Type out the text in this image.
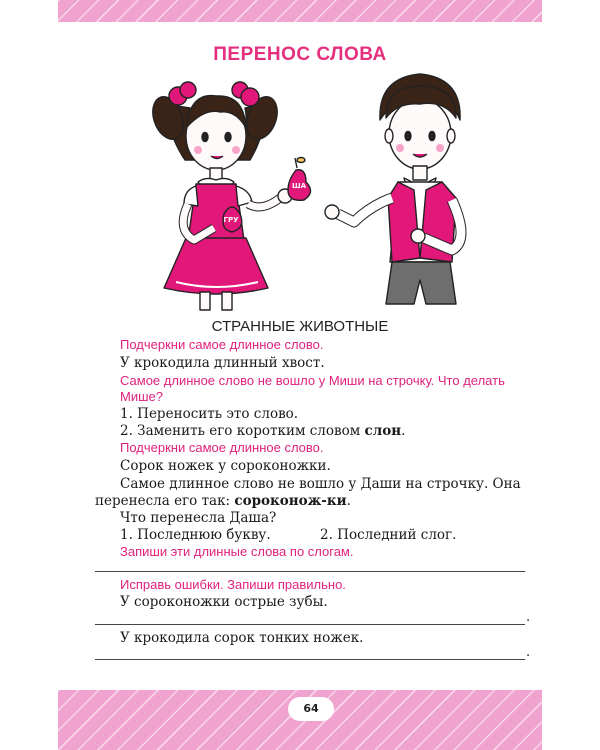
ПЕРЕНОС СЛОВА
ГРУ
ША
СТРАННЫЕ ЖИВОТНЫЕ
Подчеркни самое длинное слово.
У крокодила длинный хвост.
Самое длинное слово не вошло у Миши на строчку. Что делать
Мише?
1. Переносить это слово.
2. Заменить его коротким словом слон.
Подчеркни самое длинное слово.
Сорок ножек у сороконожки.
Самое длинное слово не вошло у Даши на строчку. Она
перенесла его так: сороконож-ки.
Что перенесла Даша?
1. Последнюю букву.	2. Последний слог.
Запиши эти длинные слова по слогам.
Исправь ошибки. Запиши правильно.
У сороконожки острые зубы.
.
У крокодила сорок тонких ножек.
.
64
